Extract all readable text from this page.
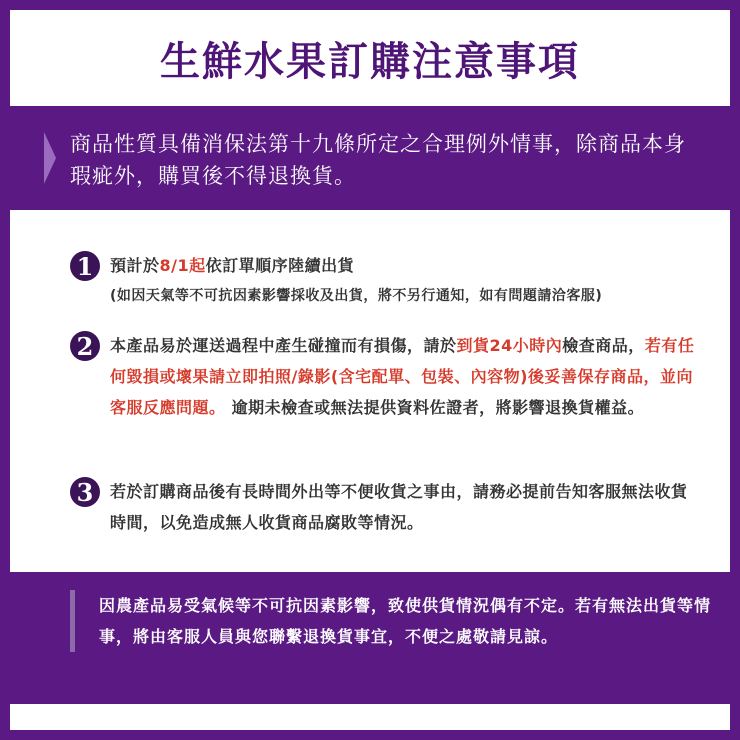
生鮮水果訂購注意事項

商品性質具備消保法第十九條所定之合理例外情事，除商品本身瑕疵外，購買後不得退換貨。

1	預計於8/1起依訂單順序陸續出貨
(如因天氣等不可抗因素影響採收及出貨，將不另行通知，如有問題請洽客服)
2	本產品易於運送過程中產生碰撞而有損傷，請於到貨24小時內檢查商品，若有任何毀損或壞果請立即拍照/錄影(含宅配單、包裝、內容物)後妥善保存商品，並向客服反應問題。 逾期未檢查或無法提供資料佐證者，將影響退換貨權益。
3	若於訂購商品後有長時間外出等不便收貨之事由，請務必提前告知客服無法收貨時間，以免造成無人收貨商品腐敗等情況。
因農產品易受氣候等不可抗因素影響，致使供貨情況偶有不定。若有無法出貨等情事，將由客服人員與您聯繫退換貨事宜，不便之處敬請見諒。
